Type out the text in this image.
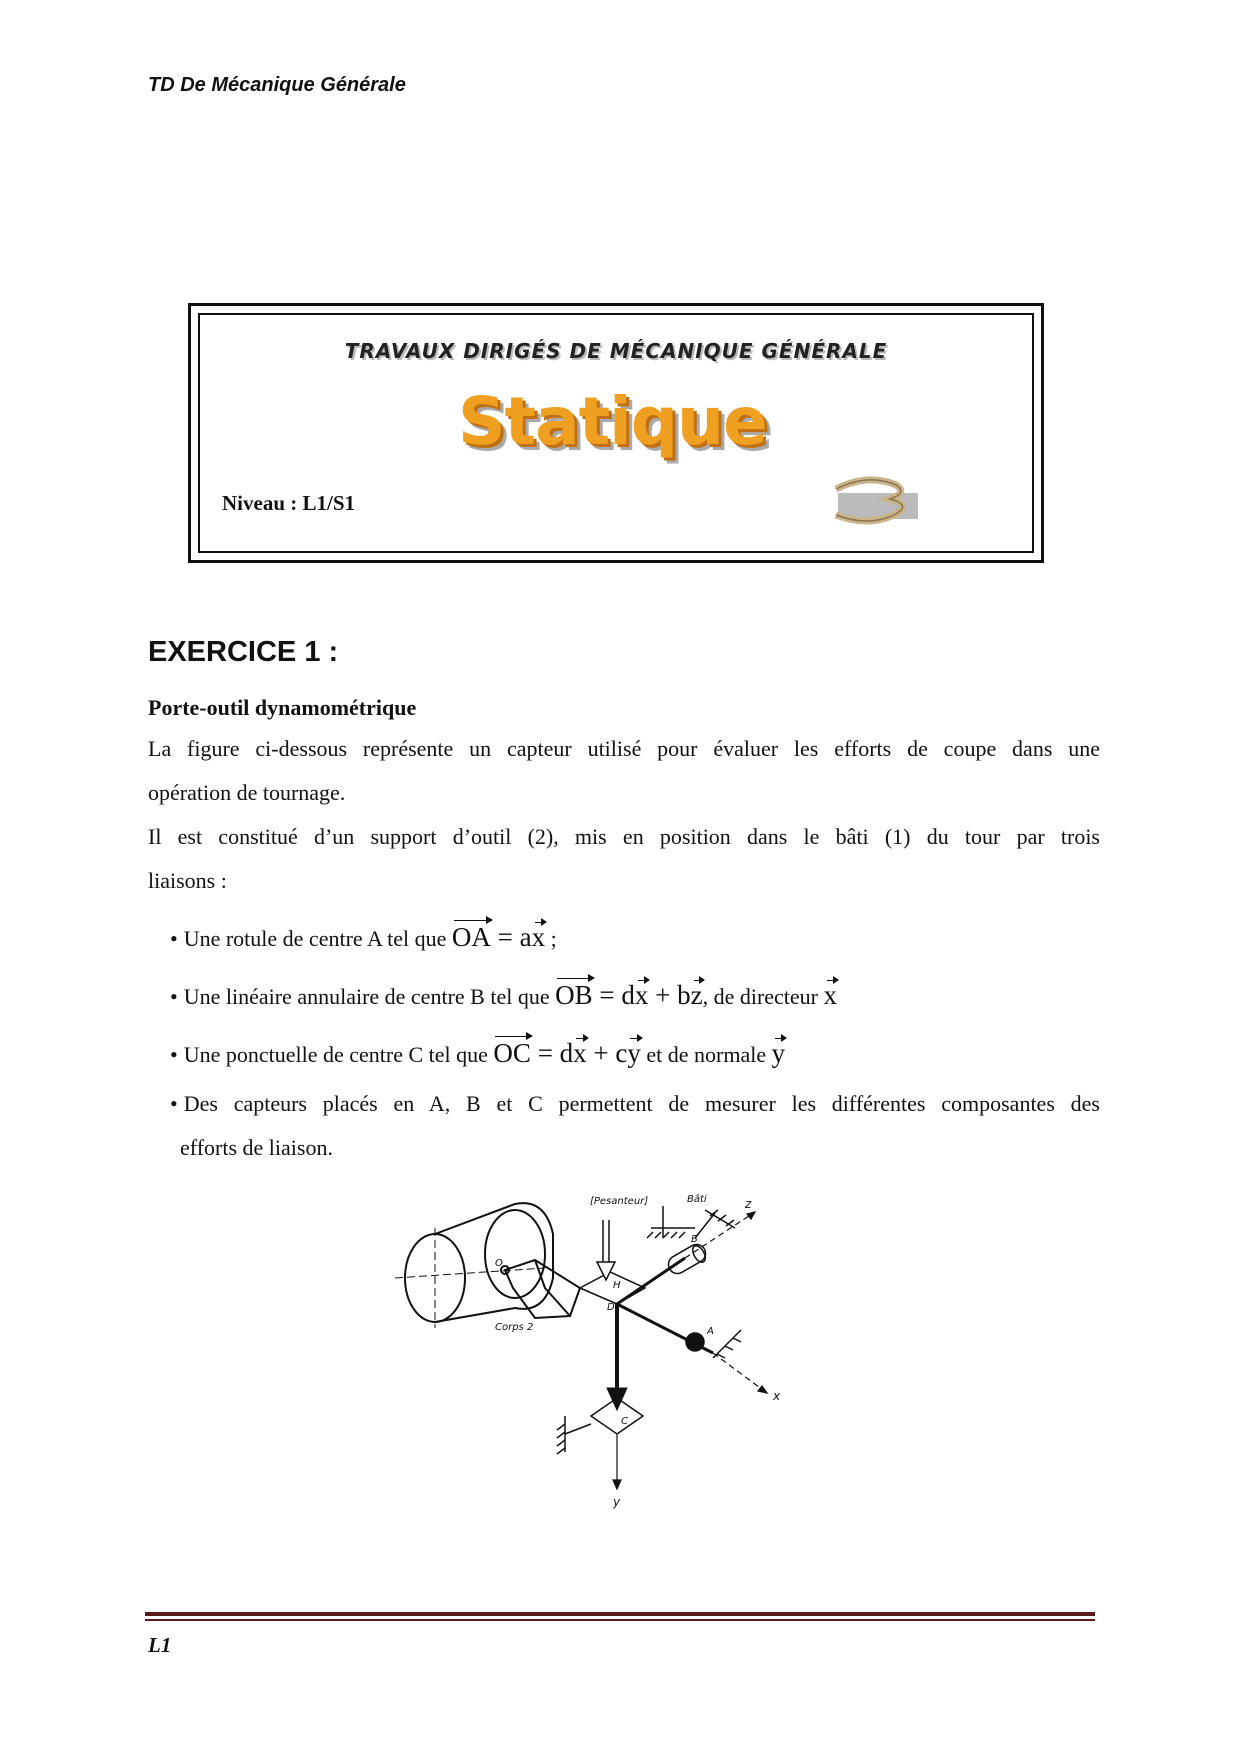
TD De Mécanique Générale
TRAVAUX DIRIGÉS DE MÉCANIQUE GÉNÉRALE
Statique
Niveau : L1/S1
EXERCICE 1 :
Porte-outil dynamométrique
La figure ci-dessous représente un capteur utilisé pour évaluer les efforts de coupe dans une
opération de tournage.
Il est constitué d’un support d’outil (2), mis en position dans le bâti (1) du tour par trois
liaisons :
• Une rotule de centre A tel que OA = ax ;
• Une linéaire annulaire de centre B tel que OB = dx + bz, de directeur x
• Une ponctuelle de centre C tel que OC = dx + cy et de normale y
• Des capteurs placés en A, B et C permettent de mesurer les différentes composantes des
efforts de liaison.
[Pesanteur]	Bâti	z
x
y
Corps 2	A
B
C
D
H
O
L1
